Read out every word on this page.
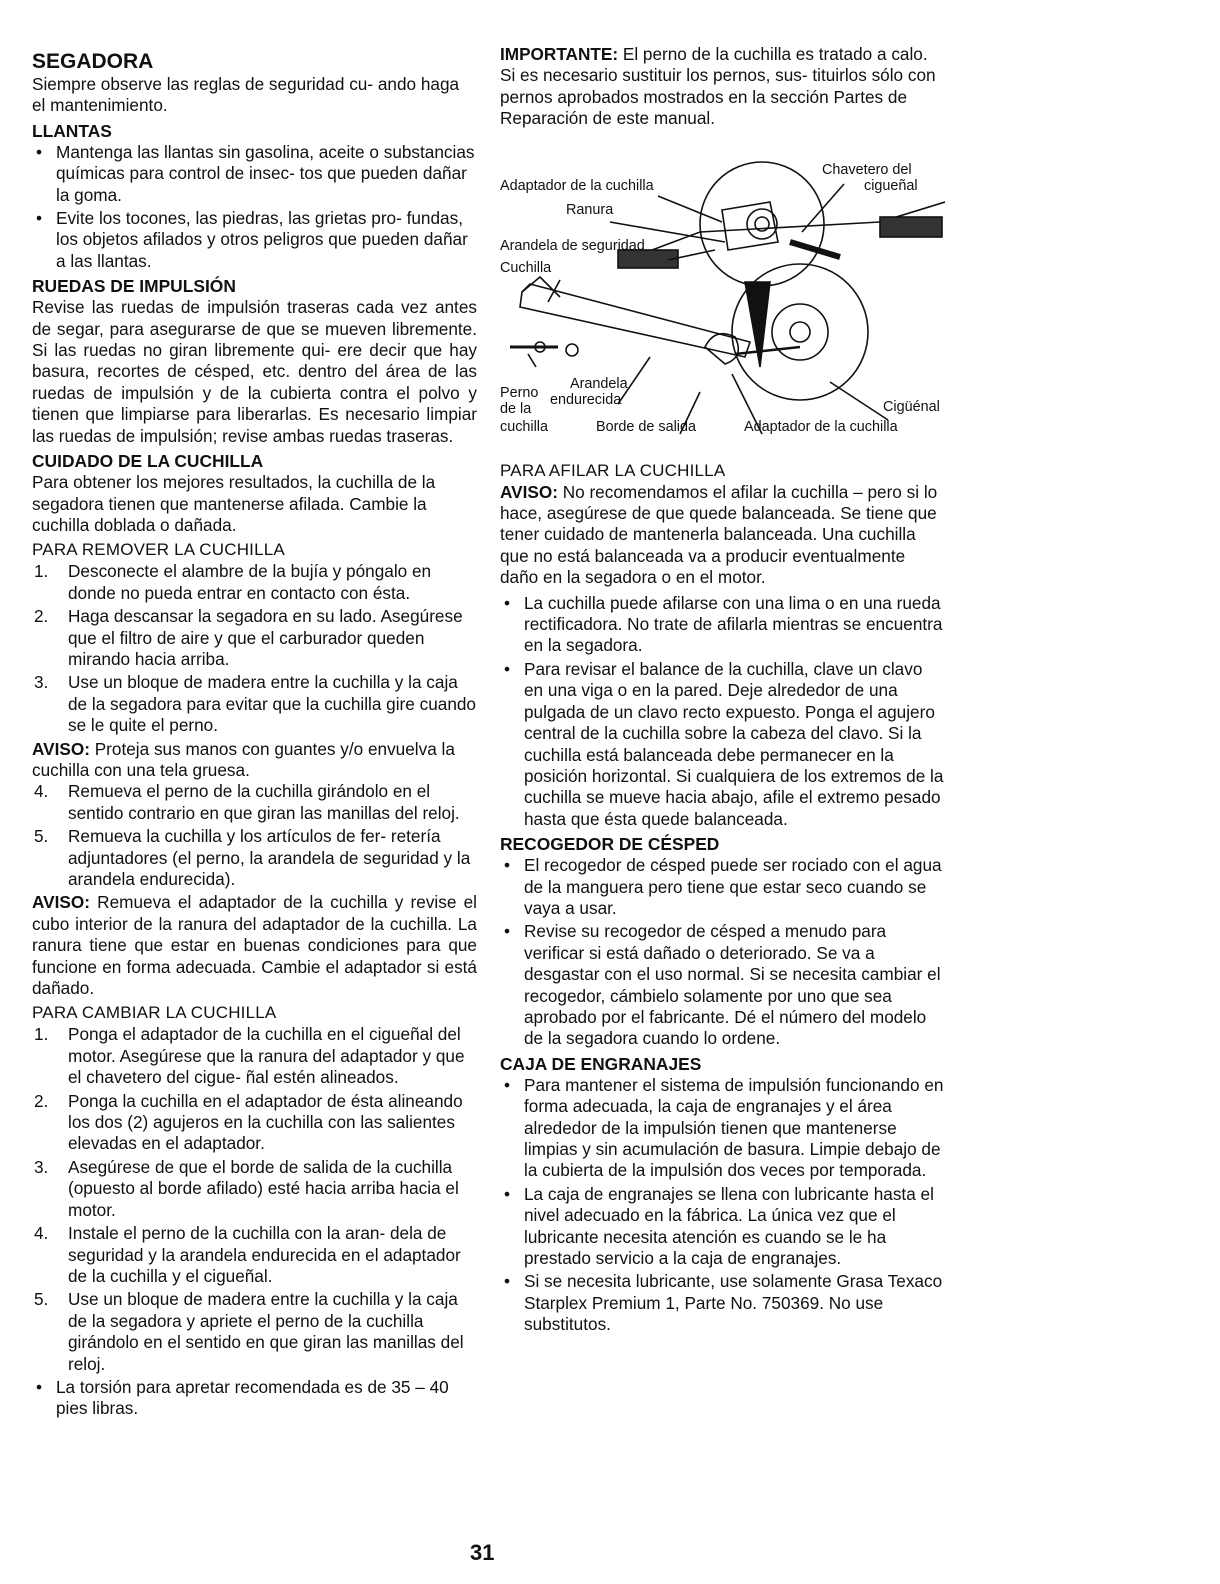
SEGADORA

Siempre observe las reglas de seguridad cu- ando haga el mantenimiento.

LLANTAS
• Mantenga las llantas sin gasolina, aceite o substancias químicas para control de insec- tos que pueden dañar la goma.
• Evite los tocones, las piedras, las grietas pro- fundas, los objetos afilados y otros peligros que pueden dañar a las llantas.
RUEDAS DE IMPULSIÓN

Revise las ruedas de impulsión traseras cada vez antes de segar, para asegurarse de que se mueven libremente. Si las ruedas no giran libremente qui- ere decir que hay basura, recortes de césped, etc. dentro del área de las ruedas de impulsión y de la cubierta contra el polvo y tienen que limpiarse para liberarlas. Es necesario limpiar las ruedas de impulsión; revise ambas ruedas traseras.

CUIDADO DE LA CUCHILLA

Para obtener los mejores resultados, la cuchilla de la segadora tienen que mantenerse afilada. Cambie la cuchilla doblada o dañada.

PARA REMOVER LA CUCHILLA
1. Desconecte el alambre de la bujía y póngalo en donde no pueda entrar en contacto con ésta.
2. Haga descansar la segadora en su lado. Asegúrese que el filtro de aire y que el carburador queden mirando hacia arriba.
3. Use un bloque de madera entre la cuchilla y la caja de la segadora para evitar que la cuchilla gire cuando se le quite el perno.

AVISO: Proteja sus manos con guantes y/o envuelva la cuchilla con una tela gruesa.

4. Remueva el perno de la cuchilla girándolo en el sentido contrario en que giran las manillas del reloj.
5. Remueva la cuchilla y los artículos de fer- retería adjuntadores (el perno, la arandela de seguridad y la arandela endurecida).

AVISO: Remueva el adaptador de la cuchilla y revise el cubo interior de la ranura del adaptador de la cuchilla. La ranura tiene que estar en buenas condiciones para que funcione en forma adecuada. Cambie el adaptador si está dañado.

PARA CAMBIAR LA CUCHILLA
1. Ponga el adaptador de la cuchilla en el cigueñal del motor. Asegúrese que la ranura del adaptador y que el chavetero del cigue- ñal estén alineados.
2. Ponga la cuchilla en el adaptador de ésta alineando los dos (2) agujeros en la cuchilla con las salientes elevadas en el adaptador.
3. Asegúrese de que el borde de salida de la cuchilla (opuesto al borde afilado) esté hacia arriba hacia el motor.
4. Instale el perno de la cuchilla con la aran- dela de seguridad y la arandela endurecida en el adaptador de la cuchilla y el cigueñal.
5. Use un bloque de madera entre la cuchilla y la caja de la segadora y apriete el perno de la cuchilla girándolo en el sentido en que giran las manillas del reloj.
• La torsión para apretar recomendada es de 35 – 40 pies libras.

IMPORTANTE: El perno de la cuchilla es tratado a calo. Si es necesario sustituir los pernos, sus- tituirlos sólo con pernos aprobados mostrados en la sección Partes de Reparación de este manual.

Adaptador de la cuchilla
Chavetero del
cigueñal
Ranura
Arandela de seguridad
Cuchilla
Perno
de la
cuchilla
Arandela
endurecida
Borde de salida	Adaptador de la cuchilla
Cigüénal
PARA AFILAR LA CUCHILLA

AVISO: No recomendamos el afilar la cuchilla – pero si lo hace, asegúrese de que quede balanceada. Se tiene que tener cuidado de mantenerla balanceada. Una cuchilla que no está balanceada va a producir eventualmente daño en la segadora o en el motor.

• La cuchilla puede afilarse con una lima o en una rueda rectificadora. No trate de afilarla mientras se encuentra en la segadora.
• Para revisar el balance de la cuchilla, clave un clavo en una viga o en la pared. Deje alrededor de una pulgada de un clavo recto expuesto. Ponga el agujero central de la cuchilla sobre la cabeza del clavo. Si la cuchilla está balanceada debe permanecer en la posición horizontal. Si cualquiera de los extremos de la cuchilla se mueve hacia abajo, afile el extremo pesado hasta que ésta quede balanceada.
RECOGEDOR DE CÉSPED
• El recogedor de césped puede ser rociado con el agua de la manguera pero tiene que estar seco cuando se vaya a usar.
• Revise su recogedor de césped a menudo para verificar si está dañado o deteriorado. Se va a desgastar con el uso normal. Si se necesita cambiar el recogedor, cámbielo solamente por uno que sea aprobado por el fabricante. Dé el número del modelo de la segadora cuando lo ordene.
CAJA DE ENGRANAJES
• Para mantener el sistema de impulsión funcionando en forma adecuada, la caja de engranajes y el área alrededor de la impulsión tienen que mantenerse limpias y sin acumulación de basura. Limpie debajo de la cubierta de la impulsión dos veces por temporada.
• La caja de engranajes se llena con lubricante hasta el nivel adecuado en la fábrica. La única vez que el lubricante necesita atención es cuando se le ha prestado servicio a la caja de engranajes.
• Si se necesita lubricante, use solamente Grasa Texaco Starplex Premium 1, Parte No. 750369. No use substitutos.
31
